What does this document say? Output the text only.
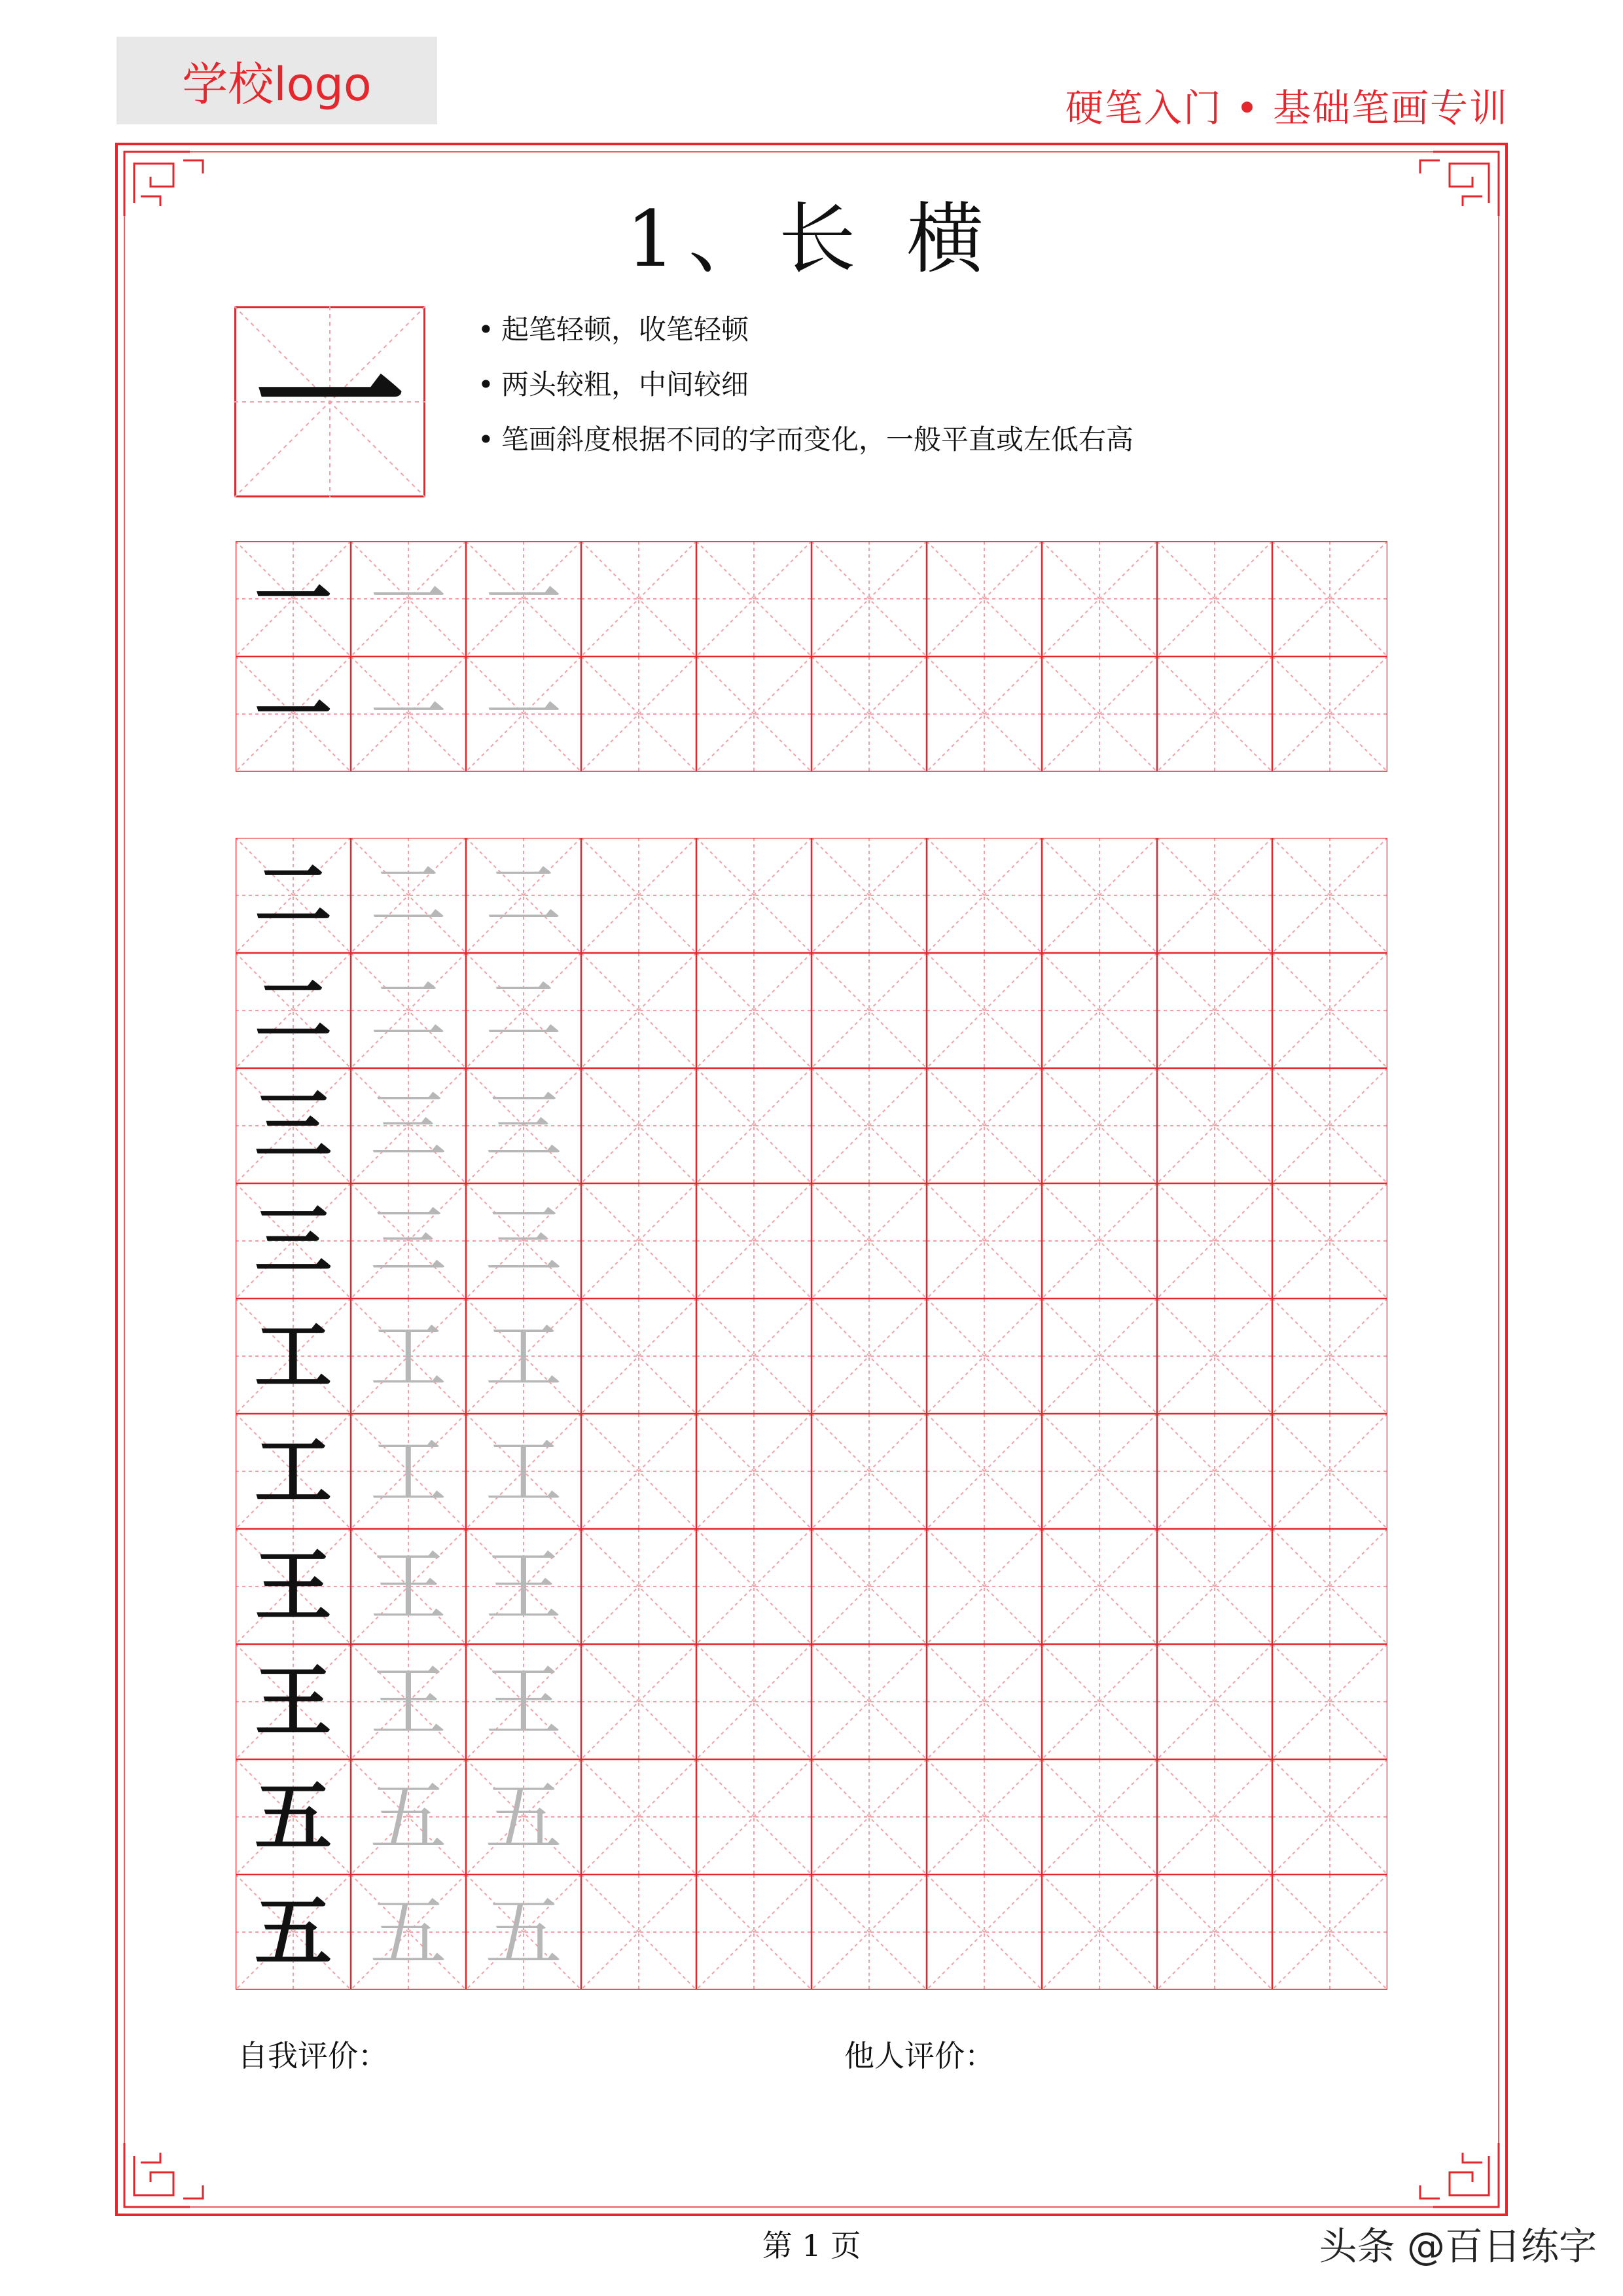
学校logo	硬笔入门 • 基础笔画专训
1、长 横
一	• 起笔轻顿，收笔轻顿
• 两头较粗，中间较细
• 笔画斜度根据不同的字而变化，一般平直或左低右高
一 一 一
一 一 一
二 二 二
二 二 二
三 三 三
三 三 三
工 工 工
工 工 工
王 王 王
王 王 王
五 五 五
五 五 五
自我评价：	他人评价：
第 1 页	头条 @百日练字
